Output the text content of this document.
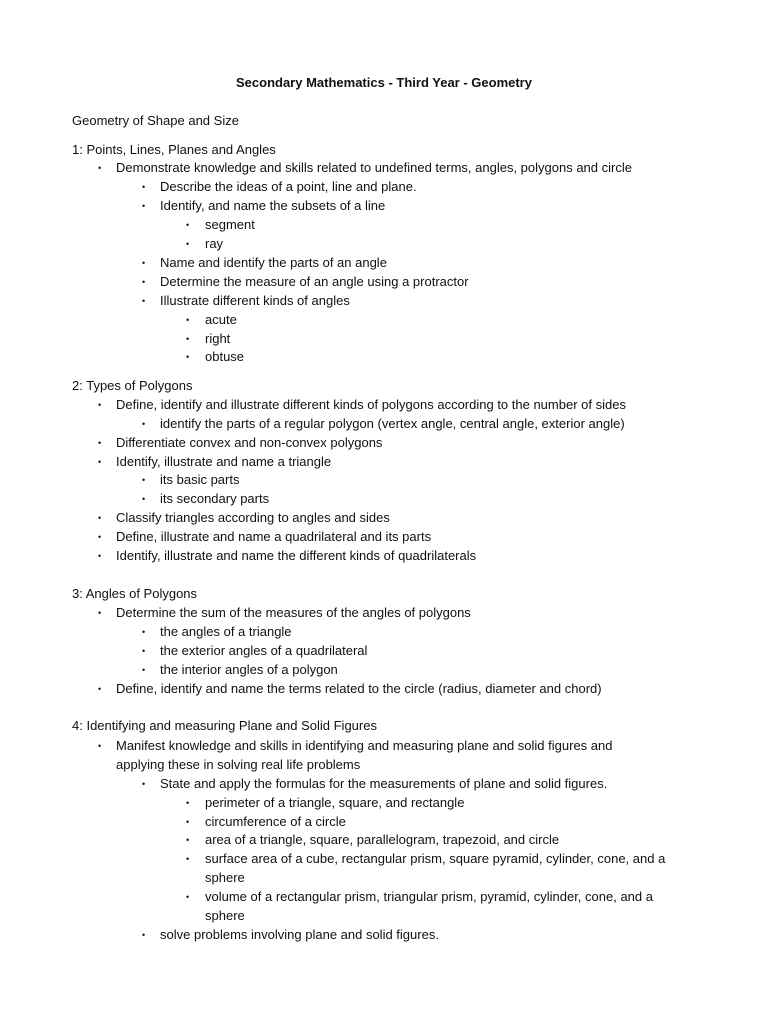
Secondary Mathematics - Third Year - Geometry
Geometry of Shape and Size
1: Points, Lines, Planes and Angles
• Demonstrate knowledge and skills related to undefined terms, angles, polygons and circle
• Describe the ideas of a point, line and plane.
• Identify, and name the subsets of a line
• segment
• ray
• Name and identify the parts of an angle
• Determine the measure of an angle using a protractor
• Illustrate different kinds of angles
• acute
• right
• obtuse
2: Types of Polygons
• Define, identify and illustrate different kinds of polygons according to the number of sides
• identify the parts of a regular polygon (vertex angle, central angle, exterior angle)
• Differentiate convex and non-convex polygons
• Identify, illustrate and name a triangle
• its basic parts
• its secondary parts
• Classify triangles according to angles and sides
• Define, illustrate and name a quadrilateral and its parts
• Identify, illustrate and name the different kinds of quadrilaterals
3: Angles of Polygons
• Determine the sum of the measures of the angles of polygons
• the angles of a triangle
• the exterior angles of a quadrilateral
• the interior angles of a polygon
• Define, identify and name the terms related to the circle (radius, diameter and chord)
4: Identifying and measuring Plane and Solid Figures
• Manifest knowledge and skills in identifying and measuring plane and solid figures and
applying these in solving real life problems
• State and apply the formulas for the measurements of plane and solid figures.
• perimeter of a triangle, square, and rectangle
• circumference of a circle
• area of a triangle, square, parallelogram, trapezoid, and circle
• surface area of a cube, rectangular prism, square pyramid, cylinder, cone, and a
sphere
• volume of a rectangular prism, triangular prism, pyramid, cylinder, cone, and a
sphere
• solve problems involving plane and solid figures.
